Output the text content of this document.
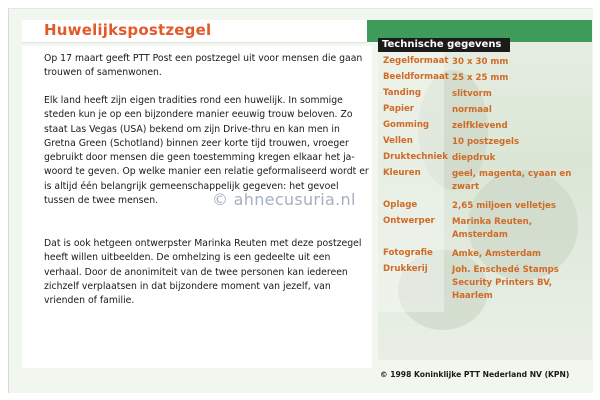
Huwelijkspostzegel

Op 17 maart geeft PTT Post een postzegel uit voor mensen die gaan trouwen of samenwonen.

Elk land heeft zijn eigen tradities rond een huwelijk. In sommige steden kun je op een bijzondere manier eeuwig trouw beloven. Zo staat Las Vegas (USA) bekend om zijn Drive-thru en kan men in Gretna Green (Schotland) binnen zeer korte tijd trouwen, vroeger gebruikt door mensen die geen toestemming kregen elkaar het ja-woord te geven. Op welke manier een relatie geformaliseerd wordt er is altijd één belangrijk gemeenschappelijk gegeven: het gevoel tussen de twee mensen.

Dat is ook hetgeen ontwerpster Marinka Reuten met deze postzegel heeft willen uitbeelden. De omhelzing is een gedeelte uit een verhaal. Door de anonimiteit van de twee personen kan iedereen zichzelf verplaatsen in dat bijzondere moment van jezelf, van vrienden of familie.

Technische gegevens
Zegelformaat 30 x 30 mm
Beeldformaat 25 x 25 mm
Tanding	slitvorm
Papier	normaal
Gomming	zelfklevend
Vellen	10 postzegels
Druktechniek diepdruk
Kleuren	geel, magenta, cyaan en zwart
Oplage	2,65 miljoen velletjes
Ontwerper Marinka Reuten, Amsterdam
Fotografie Amke, Amsterdam
Drukkerij	Joh. Enschedé Stamps Security Printers BV, Haarlem
© ahnecusuria.nl
© 1998 Koninklijke PTT Nederland NV (KPN)
